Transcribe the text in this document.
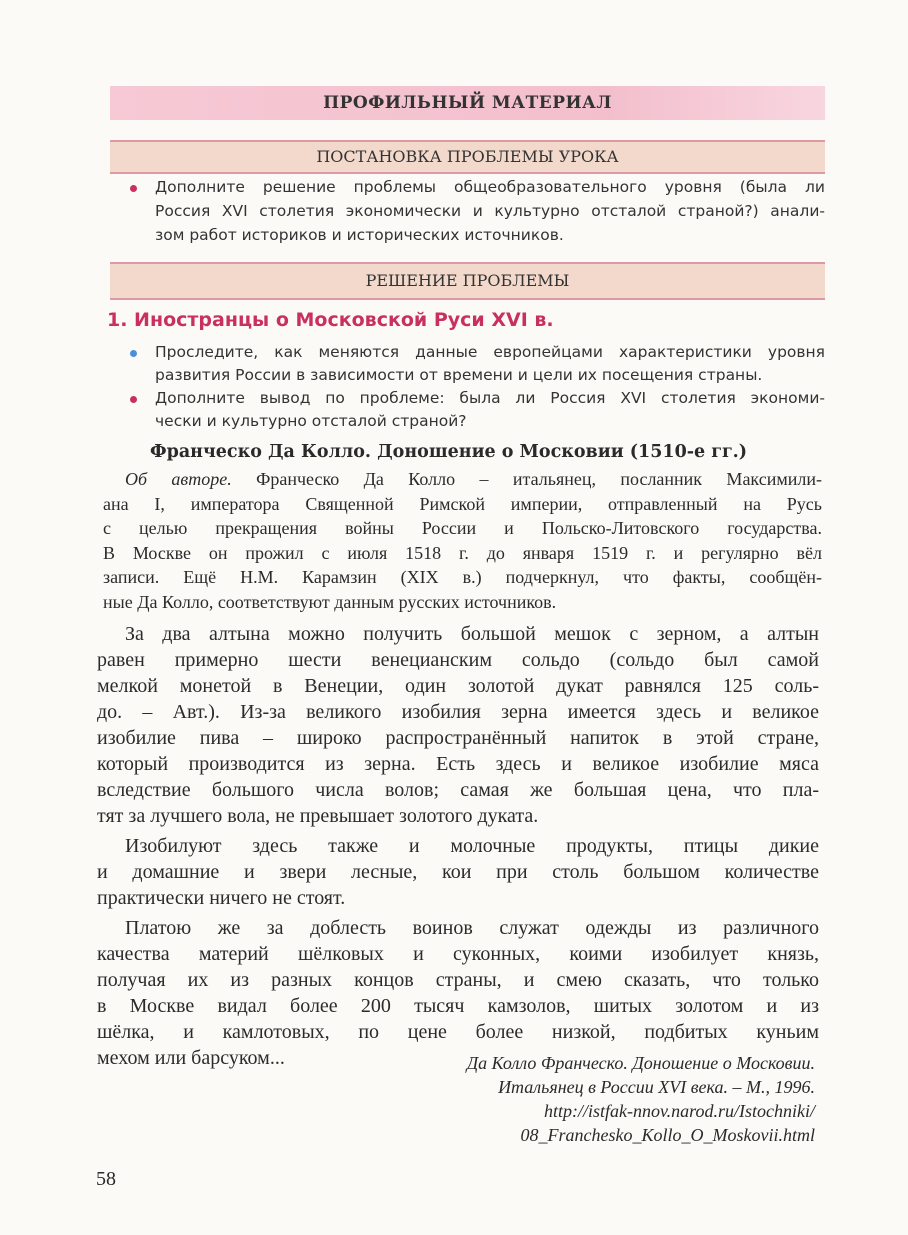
ПРОФИЛЬНЫЙ МАТЕРИАЛ
ПОСТАНОВКА ПРОБЛЕМЫ УРОКА
РЕШЕНИЕ ПРОБЛЕМЫ
1. Иностранцы о Московской Руси XVI в.
Франческо Да Колло. Доношение о Московии (1510-е гг.)
58
Дополните решение проблемы общеобразовательного уровня (была ли
Россия XVI столетия экономически и культурно отсталой страной?) анали-
зом работ историков и исторических источников.
Проследите, как меняются данные европейцами характеристики уровня
развития России в зависимости от времени и цели их посещения страны.
Дополните вывод по проблеме: была ли Россия XVI столетия экономи-
чески и культурно отсталой страной?
Об авторе. Франческо Да Колло – итальянец, посланник Максимили-
ана I, императора Священной Римской империи, отправленный на Русь
с целью прекращения войны России и Польско-Литовского государства.
В Москве он прожил с июля 1518 г. до января 1519 г. и регулярно вёл
записи. Ещё Н.М. Карамзин (XIX в.) подчеркнул, что факты, сообщён-
ные Да Колло, соответствуют данным русских источников.
За два алтына можно получить большой мешок с зерном, а алтын
равен примерно шести венецианским сольдо (сольдо был самой
мелкой монетой в Венеции, один золотой дукат равнялся 125 соль-
до. – Авт.). Из-за великого изобилия зерна имеется здесь и великое
изобилие пива – широко распространённый напиток в этой стране,
который производится из зерна. Есть здесь и великое изобилие мяса
вследствие большого числа волов; самая же большая цена, что пла-
тят за лучшего вола, не превышает золотого дуката.
Изобилуют здесь также и молочные продукты, птицы дикие
и домашние и звери лесные, кои при столь большом количестве
практически ничего не стоят.
Платою же за доблесть воинов служат одежды из различного
качества материй шёлковых и суконных, коими изобилует князь,
получая их из разных концов страны, и смею сказать, что только
в Москве видал более 200 тысяч камзолов, шитых золотом и из
шёлка, и камлотовых, по цене более низкой, подбитых куньим
мехом или барсуком...	Да Колло Франческо. Доношение о Московии.
Итальянец в России XVI века. – М., 1996.
http://istfak-nnov.narod.ru/Istochniki/
08_Franchesko_Kollo_O_Moskovii.html
